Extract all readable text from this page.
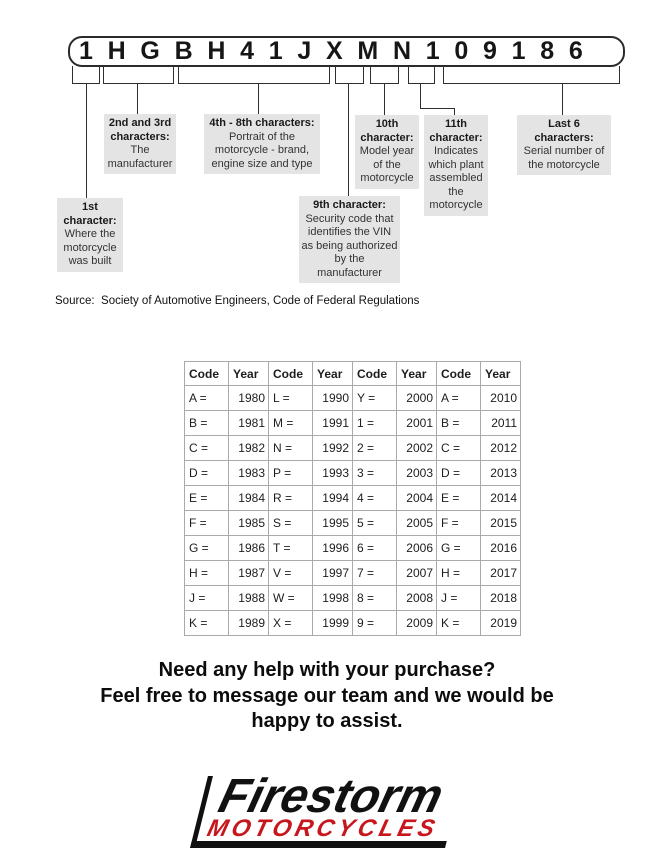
1 H G B H 4 1 J X M N 1 0 9 1 8 6
1st character:
Where the motorcycle was built
2nd and 3rd characters:
The manufacturer
4th - 8th characters:
Portrait of the motorcycle - brand, engine size and type
9th character:
Security code that identifies the VIN as being authorized by the manufacturer
10th character:
Model year of the motorcycle
11th character:
Indicates which plant assembled the motorcycle
Last 6 characters:
Serial number of the motorcycle
Source:  Society of Automotive Engineers, Code of Federal Regulations
Code	Year	Code	Year	Code	Year	Code	Year
A =	1980	L =	1990	Y =	2000	A =	2010
B =	1981	M =	1991	1 =	2001	B =	2011
C =	1982	N =	1992	2 =	2002	C =	2012
D =	1983	P =	1993	3 =	2003	D =	2013
E =	1984	R =	1994	4 =	2004	E =	2014
F =	1985	S =	1995	5 =	2005	F =	2015
G =	1986	T =	1996	6 =	2006	G =	2016
H =	1987	V =	1997	7 =	2007	H =	2017
J =	1988	W =	1998	8 =	2008	J =	2018
K =	1989	X =	1999	9 =	2009	K =	2019
Need any help with your purchase?
Feel free to message our team and we would be
happy to assist.
Firestorm
MOTORCYCLES
